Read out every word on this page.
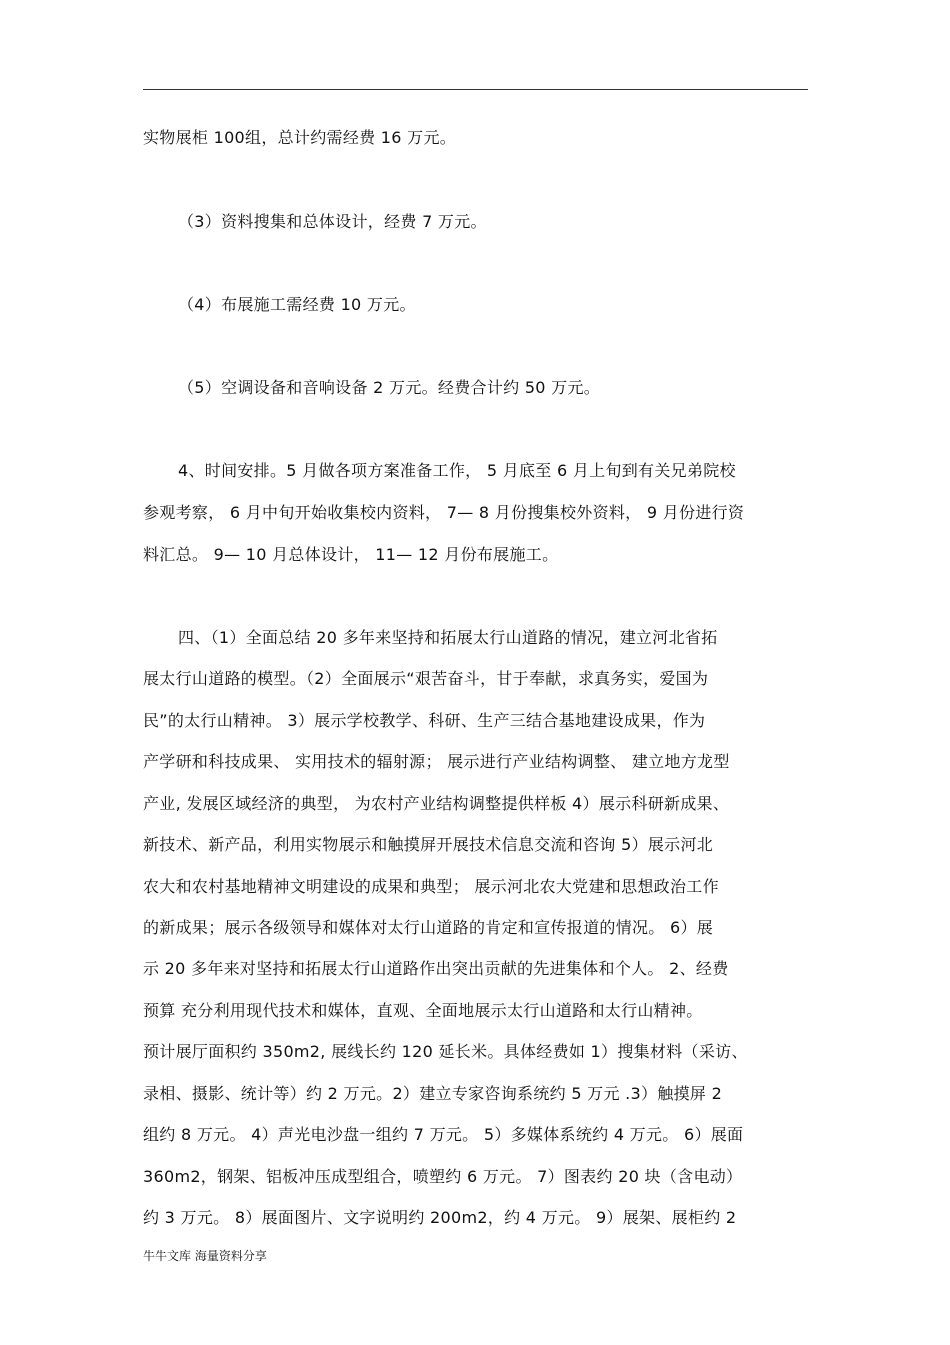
实物展柜 100组，总计约需经费 16 万元。
（3）资料搜集和总体设计，经费 7 万元。
（4）布展施工需经费 10 万元。
（5）空调设备和音响设备 2 万元。经费合计约 50 万元。
4、时间安排。5 月做各项方案准备工作， 5 月底至 6 月上旬到有关兄弟院校
参观考察， 6 月中旬开始收集校内资料， 7— 8 月份搜集校外资料， 9 月份进行资
料汇总。 9— 10 月总体设计， 11— 12 月份布展施工。
四、（1）全面总结 20 多年来坚持和拓展太行山道路的情况，建立河北省拓
展太行山道路的模型。（2）全面展示“艰苦奋斗，甘于奉献，求真务实，爱国为
民”的太行山精神。 3）展示学校教学、科研、生产三结合基地建设成果，作为
产学研和科技成果、 实用技术的辐射源； 展示进行产业结构调整、 建立地方龙型
产业, 发展区域经济的典型， 为农村产业结构调整提供样板 4）展示科研新成果、
新技术、新产品，利用实物展示和触摸屏开展技术信息交流和咨询 5）展示河北
农大和农村基地精神文明建设的成果和典型； 展示河北农大党建和思想政治工作
的新成果；展示各级领导和媒体对太行山道路的肯定和宣传报道的情况。 6）展
示 20 多年来对坚持和拓展太行山道路作出突出贡献的先进集体和个人。 2、经费
预算 充分利用现代技术和媒体，直观、全面地展示太行山道路和太行山精神。
预计展厅面积约 350m2, 展线长约 120 延长米。具体经费如 1）搜集材料（采访、
录相、摄影、统计等）约 2 万元。2）建立专家咨询系统约 5 万元 .3）触摸屏 2
组约 8 万元。 4）声光电沙盘一组约 7 万元。 5）多媒体系统约 4 万元。 6）展面
360m2，钢架、铝板冲压成型组合，喷塑约 6 万元。 7）图表约 20 块（含电动）
约 3 万元。 8）展面图片、文字说明约 200m2，约 4 万元。 9）展架、展柜约 2
牛牛文库 海量资料分享
